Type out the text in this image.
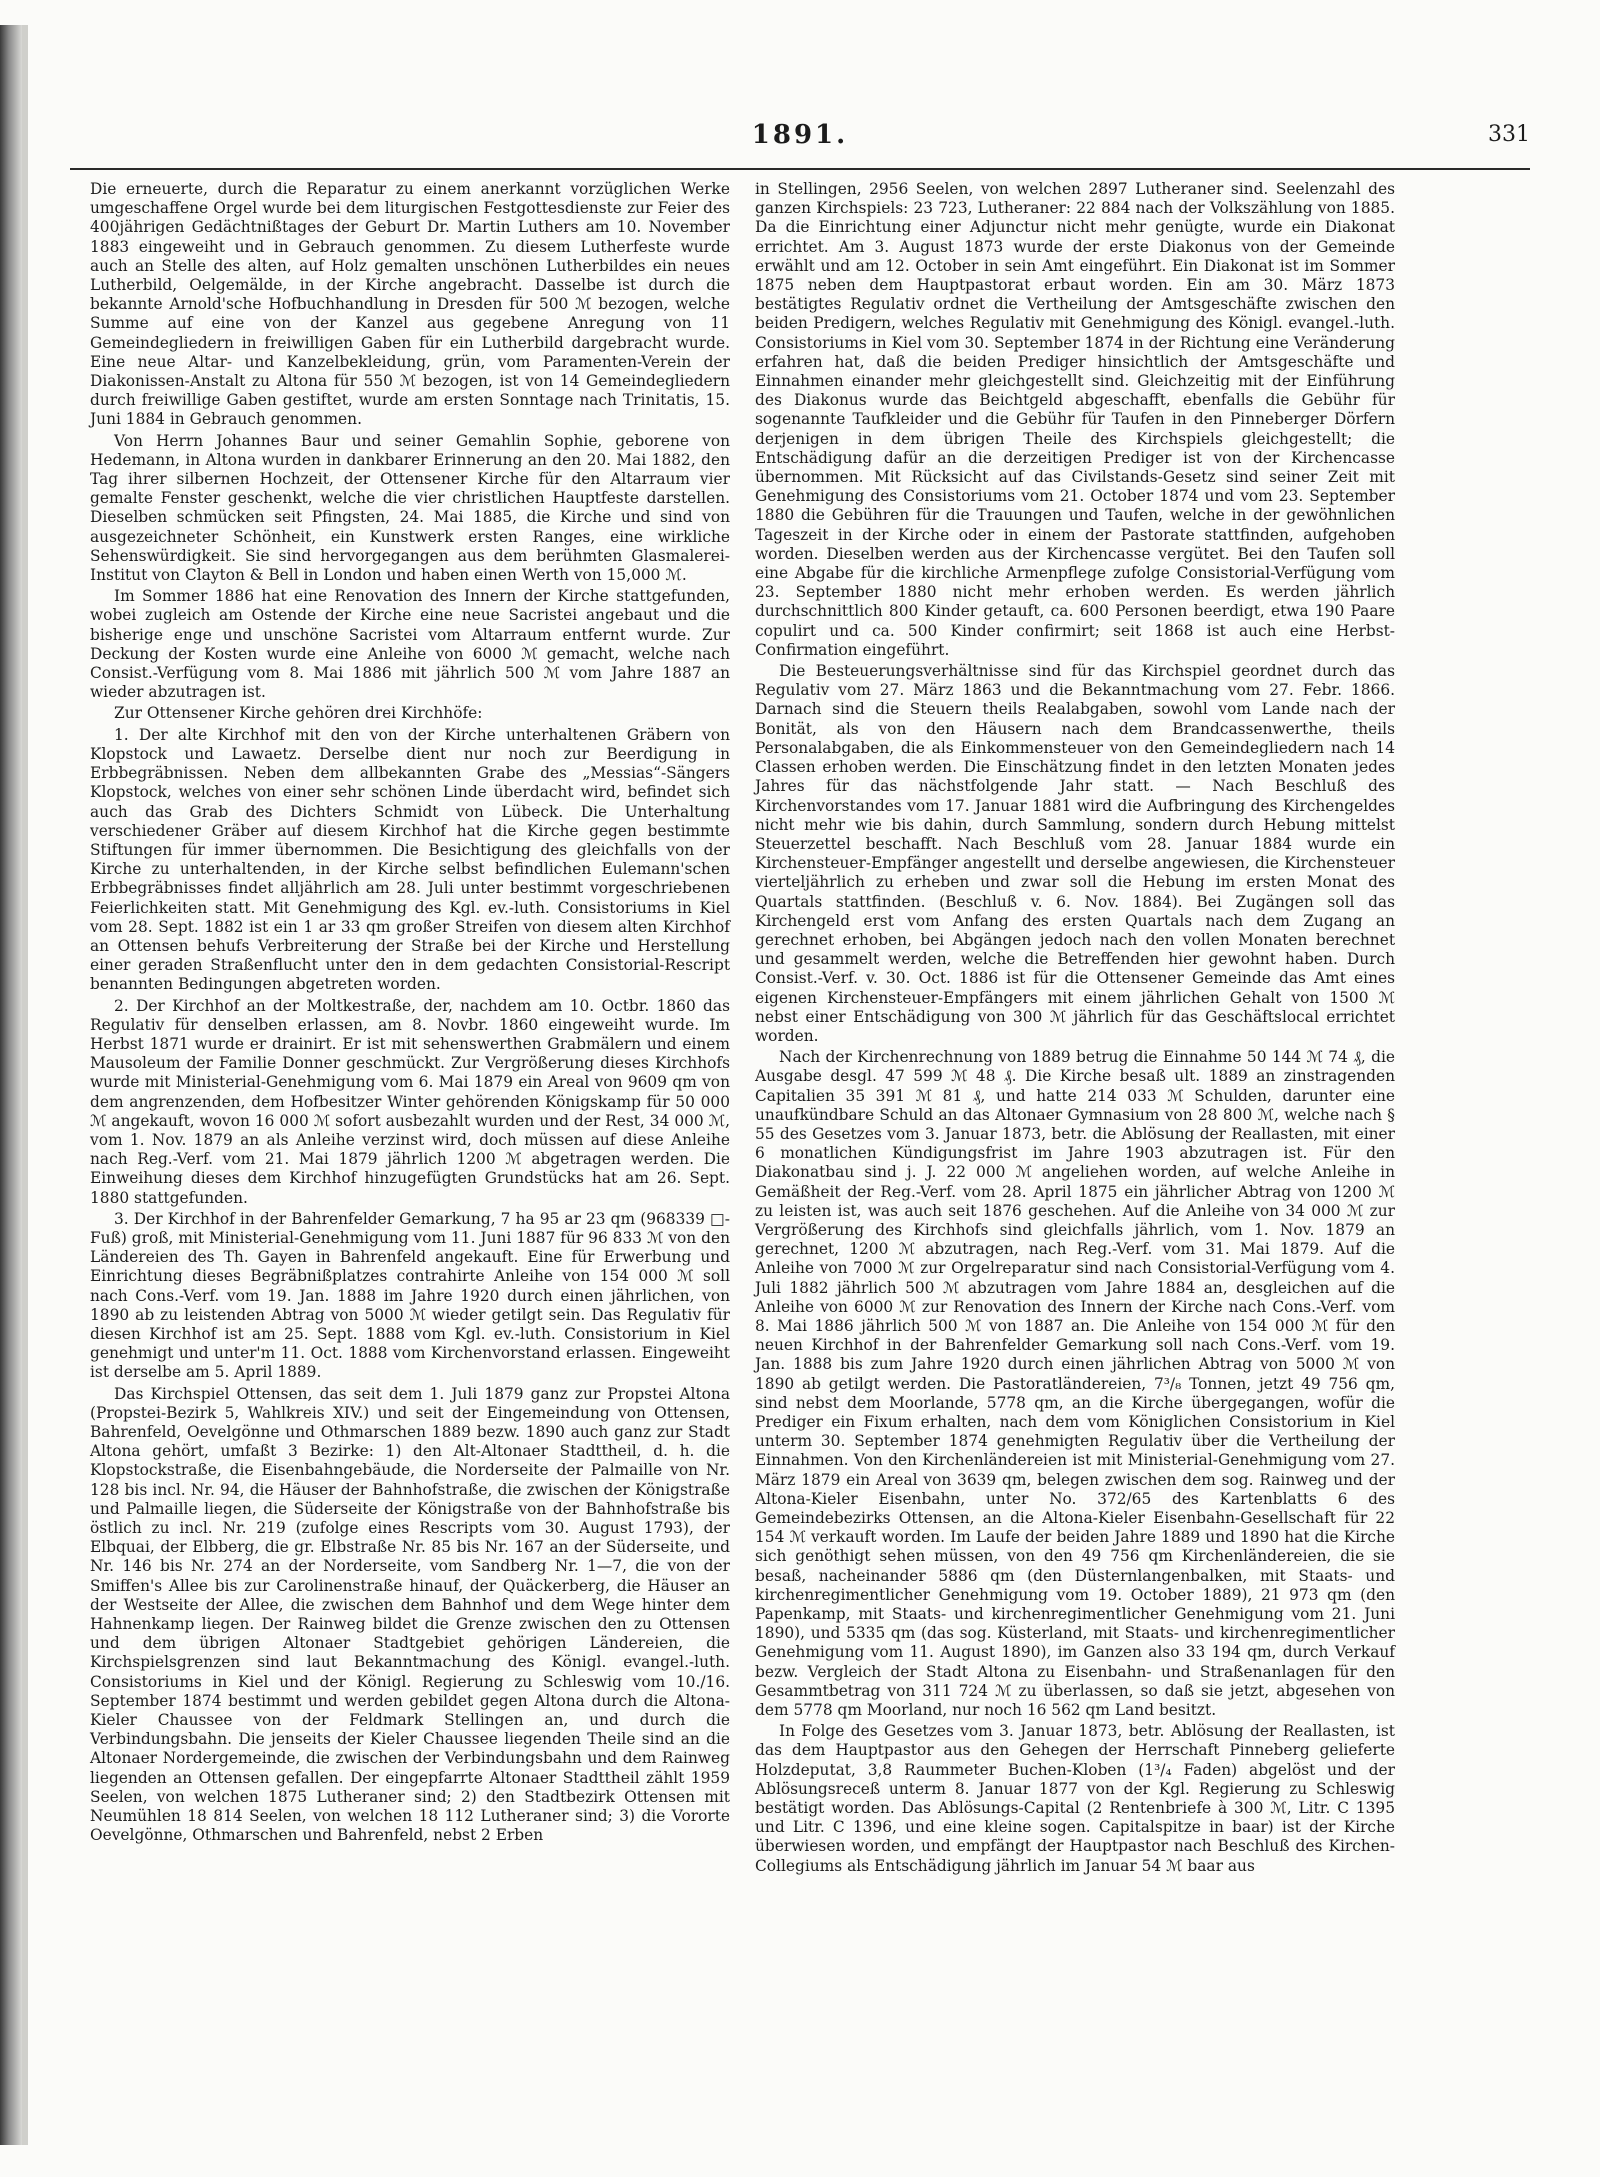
1891.	331

Die erneuerte, durch die Reparatur zu einem anerkannt vorzüglichen Werke umgeschaffene Orgel wurde bei dem liturgischen Festgottesdienste zur Feier des 400jährigen Gedächtnißtages der Geburt Dr. Martin Luthers am 10. November 1883 eingeweiht und in Gebrauch genommen. Zu diesem Lutherfeste wurde auch an Stelle des alten, auf Holz gemalten unschönen Lutherbildes ein neues Lutherbild, Oelgemälde, in der Kirche angebracht. Dasselbe ist durch die bekannte Arnold'sche Hofbuchhandlung in Dresden für 500 ℳ bezogen, welche Summe auf eine von der Kanzel aus gegebene Anregung von 11 Gemeindegliedern in freiwilligen Gaben für ein Lutherbild dargebracht wurde. Eine neue Altar- und Kanzelbekleidung, grün, vom Paramenten-Verein der Diakonissen-Anstalt zu Altona für 550 ℳ bezogen, ist von 14 Gemeindegliedern durch freiwillige Gaben gestiftet, wurde am ersten Sonntage nach Trinitatis, 15. Juni 1884 in Gebrauch genommen.

Von Herrn Johannes Baur und seiner Gemahlin Sophie, geborene von Hedemann, in Altona wurden in dankbarer Erinnerung an den 20. Mai 1882, den Tag ihrer silbernen Hochzeit, der Ottensener Kirche für den Altarraum vier gemalte Fenster geschenkt, welche die vier christlichen Hauptfeste darstellen. Dieselben schmücken seit Pfingsten, 24. Mai 1885, die Kirche und sind von ausgezeichneter Schönheit, ein Kunstwerk ersten Ranges, eine wirkliche Sehenswürdigkeit. Sie sind hervorgegangen aus dem berühmten Glasmalerei-Institut von Clayton & Bell in London und haben einen Werth von 15,000 ℳ.

Im Sommer 1886 hat eine Renovation des Innern der Kirche stattgefunden, wobei zugleich am Ostende der Kirche eine neue Sacristei angebaut und die bisherige enge und unschöne Sacristei vom Altarraum entfernt wurde. Zur Deckung der Kosten wurde eine Anleihe von 6000 ℳ gemacht, welche nach Consist.-Verfügung vom 8. Mai 1886 mit jährlich 500 ℳ vom Jahre 1887 an wieder abzutragen ist.

Zur Ottensener Kirche gehören drei Kirchhöfe:

1. Der alte Kirchhof mit den von der Kirche unterhaltenen Gräbern von Klopstock und Lawaetz. Derselbe dient nur noch zur Beerdigung in Erbbegräbnissen. Neben dem allbekannten Grabe des „Messias“-Sängers Klopstock, welches von einer sehr schönen Linde überdacht wird, befindet sich auch das Grab des Dichters Schmidt von Lübeck. Die Unterhaltung verschiedener Gräber auf diesem Kirchhof hat die Kirche gegen bestimmte Stiftungen für immer übernommen. Die Besichtigung des gleichfalls von der Kirche zu unterhaltenden, in der Kirche selbst befindlichen Eulemann'schen Erbbegräbnisses findet alljährlich am 28. Juli unter bestimmt vorgeschriebenen Feierlichkeiten statt. Mit Genehmigung des Kgl. ev.-luth. Consistoriums in Kiel vom 28. Sept. 1882 ist ein 1 ar 33 qm großer Streifen von diesem alten Kirchhof an Ottensen behufs Verbreiterung der Straße bei der Kirche und Herstellung einer geraden Straßenflucht unter den in dem gedachten Consistorial-Rescript benannten Bedingungen abgetreten worden.

2. Der Kirchhof an der Moltkestraße, der, nachdem am 10. Octbr. 1860 das Regulativ für denselben erlassen, am 8. Novbr. 1860 eingeweiht wurde. Im Herbst 1871 wurde er drainirt. Er ist mit sehenswerthen Grabmälern und einem Mausoleum der Familie Donner geschmückt. Zur Vergrößerung dieses Kirchhofs wurde mit Ministerial-Genehmigung vom 6. Mai 1879 ein Areal von 9609 qm von dem angrenzenden, dem Hofbesitzer Winter gehörenden Königskamp für 50 000 ℳ angekauft, wovon 16 000 ℳ sofort ausbezahlt wurden und der Rest, 34 000 ℳ, vom 1. Nov. 1879 an als Anleihe verzinst wird, doch müssen auf diese Anleihe nach Reg.-Verf. vom 21. Mai 1879 jährlich 1200 ℳ abgetragen werden. Die Einweihung dieses dem Kirchhof hinzugefügten Grundstücks hat am 26. Sept. 1880 stattgefunden.

3. Der Kirchhof in der Bahrenfelder Gemarkung, 7 ha 95 ar 23 qm (968339 □-Fuß) groß, mit Ministerial-Genehmigung vom 11. Juni 1887 für 96 833 ℳ von den Ländereien des Th. Gayen in Bahrenfeld angekauft. Eine für Erwerbung und Einrichtung dieses Begräbnißplatzes contrahirte Anleihe von 154 000 ℳ soll nach Cons.-Verf. vom 19. Jan. 1888 im Jahre 1920 durch einen jährlichen, von 1890 ab zu leistenden Abtrag von 5000 ℳ wieder getilgt sein. Das Regulativ für diesen Kirchhof ist am 25. Sept. 1888 vom Kgl. ev.-luth. Consistorium in Kiel genehmigt und unter'm 11. Oct. 1888 vom Kirchenvorstand erlassen. Eingeweiht ist derselbe am 5. April 1889.

Das Kirchspiel Ottensen, das seit dem 1. Juli 1879 ganz zur Propstei Altona (Propstei-Bezirk 5, Wahlkreis XIV.) und seit der Eingemeindung von Ottensen, Bahrenfeld, Oevelgönne und Othmarschen 1889 bezw. 1890 auch ganz zur Stadt Altona gehört, umfaßt 3 Bezirke: 1) den Alt-Altonaer Stadttheil, d. h. die Klopstockstraße, die Eisenbahngebäude, die Norderseite der Palmaille von Nr. 128 bis incl. Nr. 94, die Häuser der Bahnhofstraße, die zwischen der Königstraße und Palmaille liegen, die Süderseite der Königstraße von der Bahnhofstraße bis östlich zu incl. Nr. 219 (zufolge eines Rescripts vom 30. August 1793), der Elbquai, der Elbberg, die gr. Elbstraße Nr. 85 bis Nr. 167 an der Süderseite, und Nr. 146 bis Nr. 274 an der Norderseite, vom Sandberg Nr. 1—7, die von der Smiffen's Allee bis zur Carolinenstraße hinauf, der Quäckerberg, die Häuser an der Westseite der Allee, die zwischen dem Bahnhof und dem Wege hinter dem Hahnenkamp liegen. Der Rainweg bildet die Grenze zwischen den zu Ottensen und dem übrigen Altonaer Stadtgebiet gehörigen Ländereien, die Kirchspielsgrenzen sind laut Bekanntmachung des Königl. evangel.-luth. Consistoriums in Kiel und der Königl. Regierung zu Schleswig vom 10./16. September 1874 bestimmt und werden gebildet gegen Altona durch die Altona-Kieler Chaussee von der Feldmark Stellingen an, und durch die Verbindungsbahn. Die jenseits der Kieler Chaussee liegenden Theile sind an die Altonaer Nordergemeinde, die zwischen der Verbindungsbahn und dem Rainweg liegenden an Ottensen gefallen. Der eingepfarrte Altonaer Stadttheil zählt 1959 Seelen, von welchen 1875 Lutheraner sind; 2) den Stadtbezirk Ottensen mit Neumühlen 18 814 Seelen, von welchen 18 112 Lutheraner sind; 3) die Vororte Oevelgönne, Othmarschen und Bahrenfeld, nebst 2 Erben

in Stellingen, 2956 Seelen, von welchen 2897 Lutheraner sind. Seelenzahl des ganzen Kirchspiels: 23 723, Lutheraner: 22 884 nach der Volkszählung von 1885. Da die Einrichtung einer Adjunctur nicht mehr genügte, wurde ein Diakonat errichtet. Am 3. August 1873 wurde der erste Diakonus von der Gemeinde erwählt und am 12. October in sein Amt eingeführt. Ein Diakonat ist im Sommer 1875 neben dem Hauptpastorat erbaut worden. Ein am 30. März 1873 bestätigtes Regulativ ordnet die Vertheilung der Amtsgeschäfte zwischen den beiden Predigern, welches Regulativ mit Genehmigung des Königl. evangel.-luth. Consistoriums in Kiel vom 30. September 1874 in der Richtung eine Veränderung erfahren hat, daß die beiden Prediger hinsichtlich der Amtsgeschäfte und Einnahmen einander mehr gleichgestellt sind. Gleichzeitig mit der Einführung des Diakonus wurde das Beichtgeld abgeschafft, ebenfalls die Gebühr für sogenannte Taufkleider und die Gebühr für Taufen in den Pinneberger Dörfern derjenigen in dem übrigen Theile des Kirchspiels gleichgestellt; die Entschädigung dafür an die derzeitigen Prediger ist von der Kirchencasse übernommen. Mit Rücksicht auf das Civilstands-Gesetz sind seiner Zeit mit Genehmigung des Consistoriums vom 21. October 1874 und vom 23. September 1880 die Gebühren für die Trauungen und Taufen, welche in der gewöhnlichen Tageszeit in der Kirche oder in einem der Pastorate stattfinden, aufgehoben worden. Dieselben werden aus der Kirchencasse vergütet. Bei den Taufen soll eine Abgabe für die kirchliche Armenpflege zufolge Consistorial-Verfügung vom 23. September 1880 nicht mehr erhoben werden. Es werden jährlich durchschnittlich 800 Kinder getauft, ca. 600 Personen beerdigt, etwa 190 Paare copulirt und ca. 500 Kinder confirmirt; seit 1868 ist auch eine Herbst-Confirmation eingeführt.

Die Besteuerungsverhältnisse sind für das Kirchspiel geordnet durch das Regulativ vom 27. März 1863 und die Bekanntmachung vom 27. Febr. 1866. Darnach sind die Steuern theils Realabgaben, sowohl vom Lande nach der Bonität, als von den Häusern nach dem Brandcassenwerthe, theils Personalabgaben, die als Einkommensteuer von den Gemeindegliedern nach 14 Classen erhoben werden. Die Einschätzung findet in den letzten Monaten jedes Jahres für das nächstfolgende Jahr statt. — Nach Beschluß des Kirchenvorstandes vom 17. Januar 1881 wird die Aufbringung des Kirchengeldes nicht mehr wie bis dahin, durch Sammlung, sondern durch Hebung mittelst Steuerzettel beschafft. Nach Beschluß vom 28. Januar 1884 wurde ein Kirchensteuer-Empfänger angestellt und derselbe angewiesen, die Kirchensteuer vierteljährlich zu erheben und zwar soll die Hebung im ersten Monat des Quartals stattfinden. (Beschluß v. 6. Nov. 1884). Bei Zugängen soll das Kirchengeld erst vom Anfang des ersten Quartals nach dem Zugang an gerechnet erhoben, bei Abgängen jedoch nach den vollen Monaten berechnet und gesammelt werden, welche die Betreffenden hier gewohnt haben. Durch Consist.-Verf. v. 30. Oct. 1886 ist für die Ottensener Gemeinde das Amt eines eigenen Kirchensteuer-Empfängers mit einem jährlichen Gehalt von 1500 ℳ nebst einer Entschädigung von 300 ℳ jährlich für das Geschäftslocal errichtet worden.

Nach der Kirchenrechnung von 1889 betrug die Einnahme 50 144 ℳ 74 ₰, die Ausgabe desgl. 47 599 ℳ 48 ₰. Die Kirche besaß ult. 1889 an zinstragenden Capitalien 35 391 ℳ 81 ₰, und hatte 214 033 ℳ Schulden, darunter eine unaufkündbare Schuld an das Altonaer Gymnasium von 28 800 ℳ, welche nach § 55 des Gesetzes vom 3. Januar 1873, betr. die Ablösung der Reallasten, mit einer 6 monatlichen Kündigungsfrist im Jahre 1903 abzutragen ist. Für den Diakonatbau sind j. J. 22 000 ℳ angeliehen worden, auf welche Anleihe in Gemäßheit der Reg.-Verf. vom 28. April 1875 ein jährlicher Abtrag von 1200 ℳ zu leisten ist, was auch seit 1876 geschehen. Auf die Anleihe von 34 000 ℳ zur Vergrößerung des Kirchhofs sind gleichfalls jährlich, vom 1. Nov. 1879 an gerechnet, 1200 ℳ abzutragen, nach Reg.-Verf. vom 31. Mai 1879. Auf die Anleihe von 7000 ℳ zur Orgelreparatur sind nach Consistorial-Verfügung vom 4. Juli 1882 jährlich 500 ℳ abzutragen vom Jahre 1884 an, desgleichen auf die Anleihe von 6000 ℳ zur Renovation des Innern der Kirche nach Cons.-Verf. vom 8. Mai 1886 jährlich 500 ℳ von 1887 an. Die Anleihe von 154 000 ℳ für den neuen Kirchhof in der Bahrenfelder Gemarkung soll nach Cons.-Verf. vom 19. Jan. 1888 bis zum Jahre 1920 durch einen jährlichen Abtrag von 5000 ℳ von 1890 ab getilgt werden. Die Pastoratländereien, 7³/₈ Tonnen, jetzt 49 756 qm, sind nebst dem Moorlande, 5778 qm, an die Kirche übergegangen, wofür die Prediger ein Fixum erhalten, nach dem vom Königlichen Consistorium in Kiel unterm 30. September 1874 genehmigten Regulativ über die Vertheilung der Einnahmen. Von den Kirchenländereien ist mit Ministerial-Genehmigung vom 27. März 1879 ein Areal von 3639 qm, belegen zwischen dem sog. Rainweg und der Altona-Kieler Eisenbahn, unter No. 372/65 des Kartenblatts 6 des Gemeindebezirks Ottensen, an die Altona-Kieler Eisenbahn-Gesellschaft für 22 154 ℳ verkauft worden. Im Laufe der beiden Jahre 1889 und 1890 hat die Kirche sich genöthigt sehen müssen, von den 49 756 qm Kirchenländereien, die sie besaß, nacheinander 5886 qm (den Düsternlangenbalken, mit Staats- und kirchenregimentlicher Genehmigung vom 19. October 1889), 21 973 qm (den Papenkamp, mit Staats- und kirchenregimentlicher Genehmigung vom 21. Juni 1890), und 5335 qm (das sog. Küsterland, mit Staats- und kirchenregimentlicher Genehmigung vom 11. August 1890), im Ganzen also 33 194 qm, durch Verkauf bezw. Vergleich der Stadt Altona zu Eisenbahn- und Straßenanlagen für den Gesammtbetrag von 311 724 ℳ zu überlassen, so daß sie jetzt, abgesehen von dem 5778 qm Moorland, nur noch 16 562 qm Land besitzt.

In Folge des Gesetzes vom 3. Januar 1873, betr. Ablösung der Reallasten, ist das dem Hauptpastor aus den Gehegen der Herrschaft Pinneberg gelieferte Holzdeputat, 3,8 Raummeter Buchen-Kloben (1³/₄ Faden) abgelöst und der Ablösungsreceß unterm 8. Januar 1877 von der Kgl. Regierung zu Schleswig bestätigt worden. Das Ablösungs-Capital (2 Rentenbriefe à 300 ℳ, Litr. C 1395 und Litr. C 1396, und eine kleine sogen. Capitalspitze in baar) ist der Kirche überwiesen worden, und empfängt der Hauptpastor nach Beschluß des Kirchen-Collegiums als Entschädigung jährlich im Januar 54 ℳ baar aus
